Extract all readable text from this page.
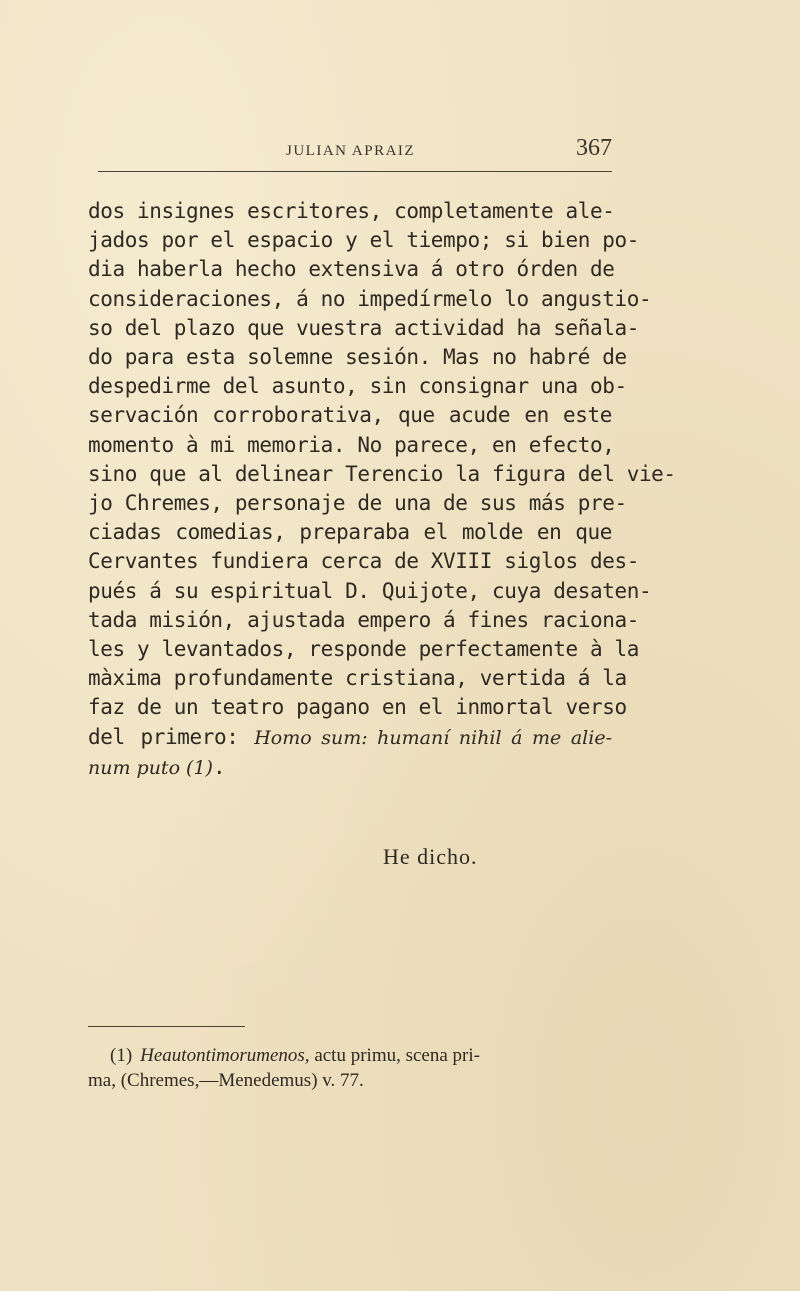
JULIAN APRAIZ	367
dos insignes escritores, completamente ale-
jados por el espacio y el tiempo; si bien po-
dia haberla hecho extensiva á otro órden de
consideraciones, á no impedírmelo lo angustio-
so del plazo que vuestra actividad ha señala-
do para esta solemne sesión. Mas no habré de
despedirme del asunto, sin consignar una ob-
servación corroborativa, que acude en este
momento à mi memoria. No parece, en efecto,
sino que al delinear Terencio la figura del vie-
jo Chremes, personaje de una de sus más pre-
ciadas comedias, preparaba el molde en que
Cervantes fundiera cerca de XVIII siglos des-
pués á su espiritual D. Quijote, cuya desaten-
tada misión, ajustada empero á fines raciona-
les y levantados, responde perfectamente à la
màxima profundamente cristiana, vertida á la
faz de un teatro pagano en el inmortal verso
del primero: Homo sum: humaní nihil á me alie-
num puto (1).
He dicho.
(1) Heautontimorumenos, actu primu, scena pri-
ma, (Chremes,—Menedemus) v. 77.
